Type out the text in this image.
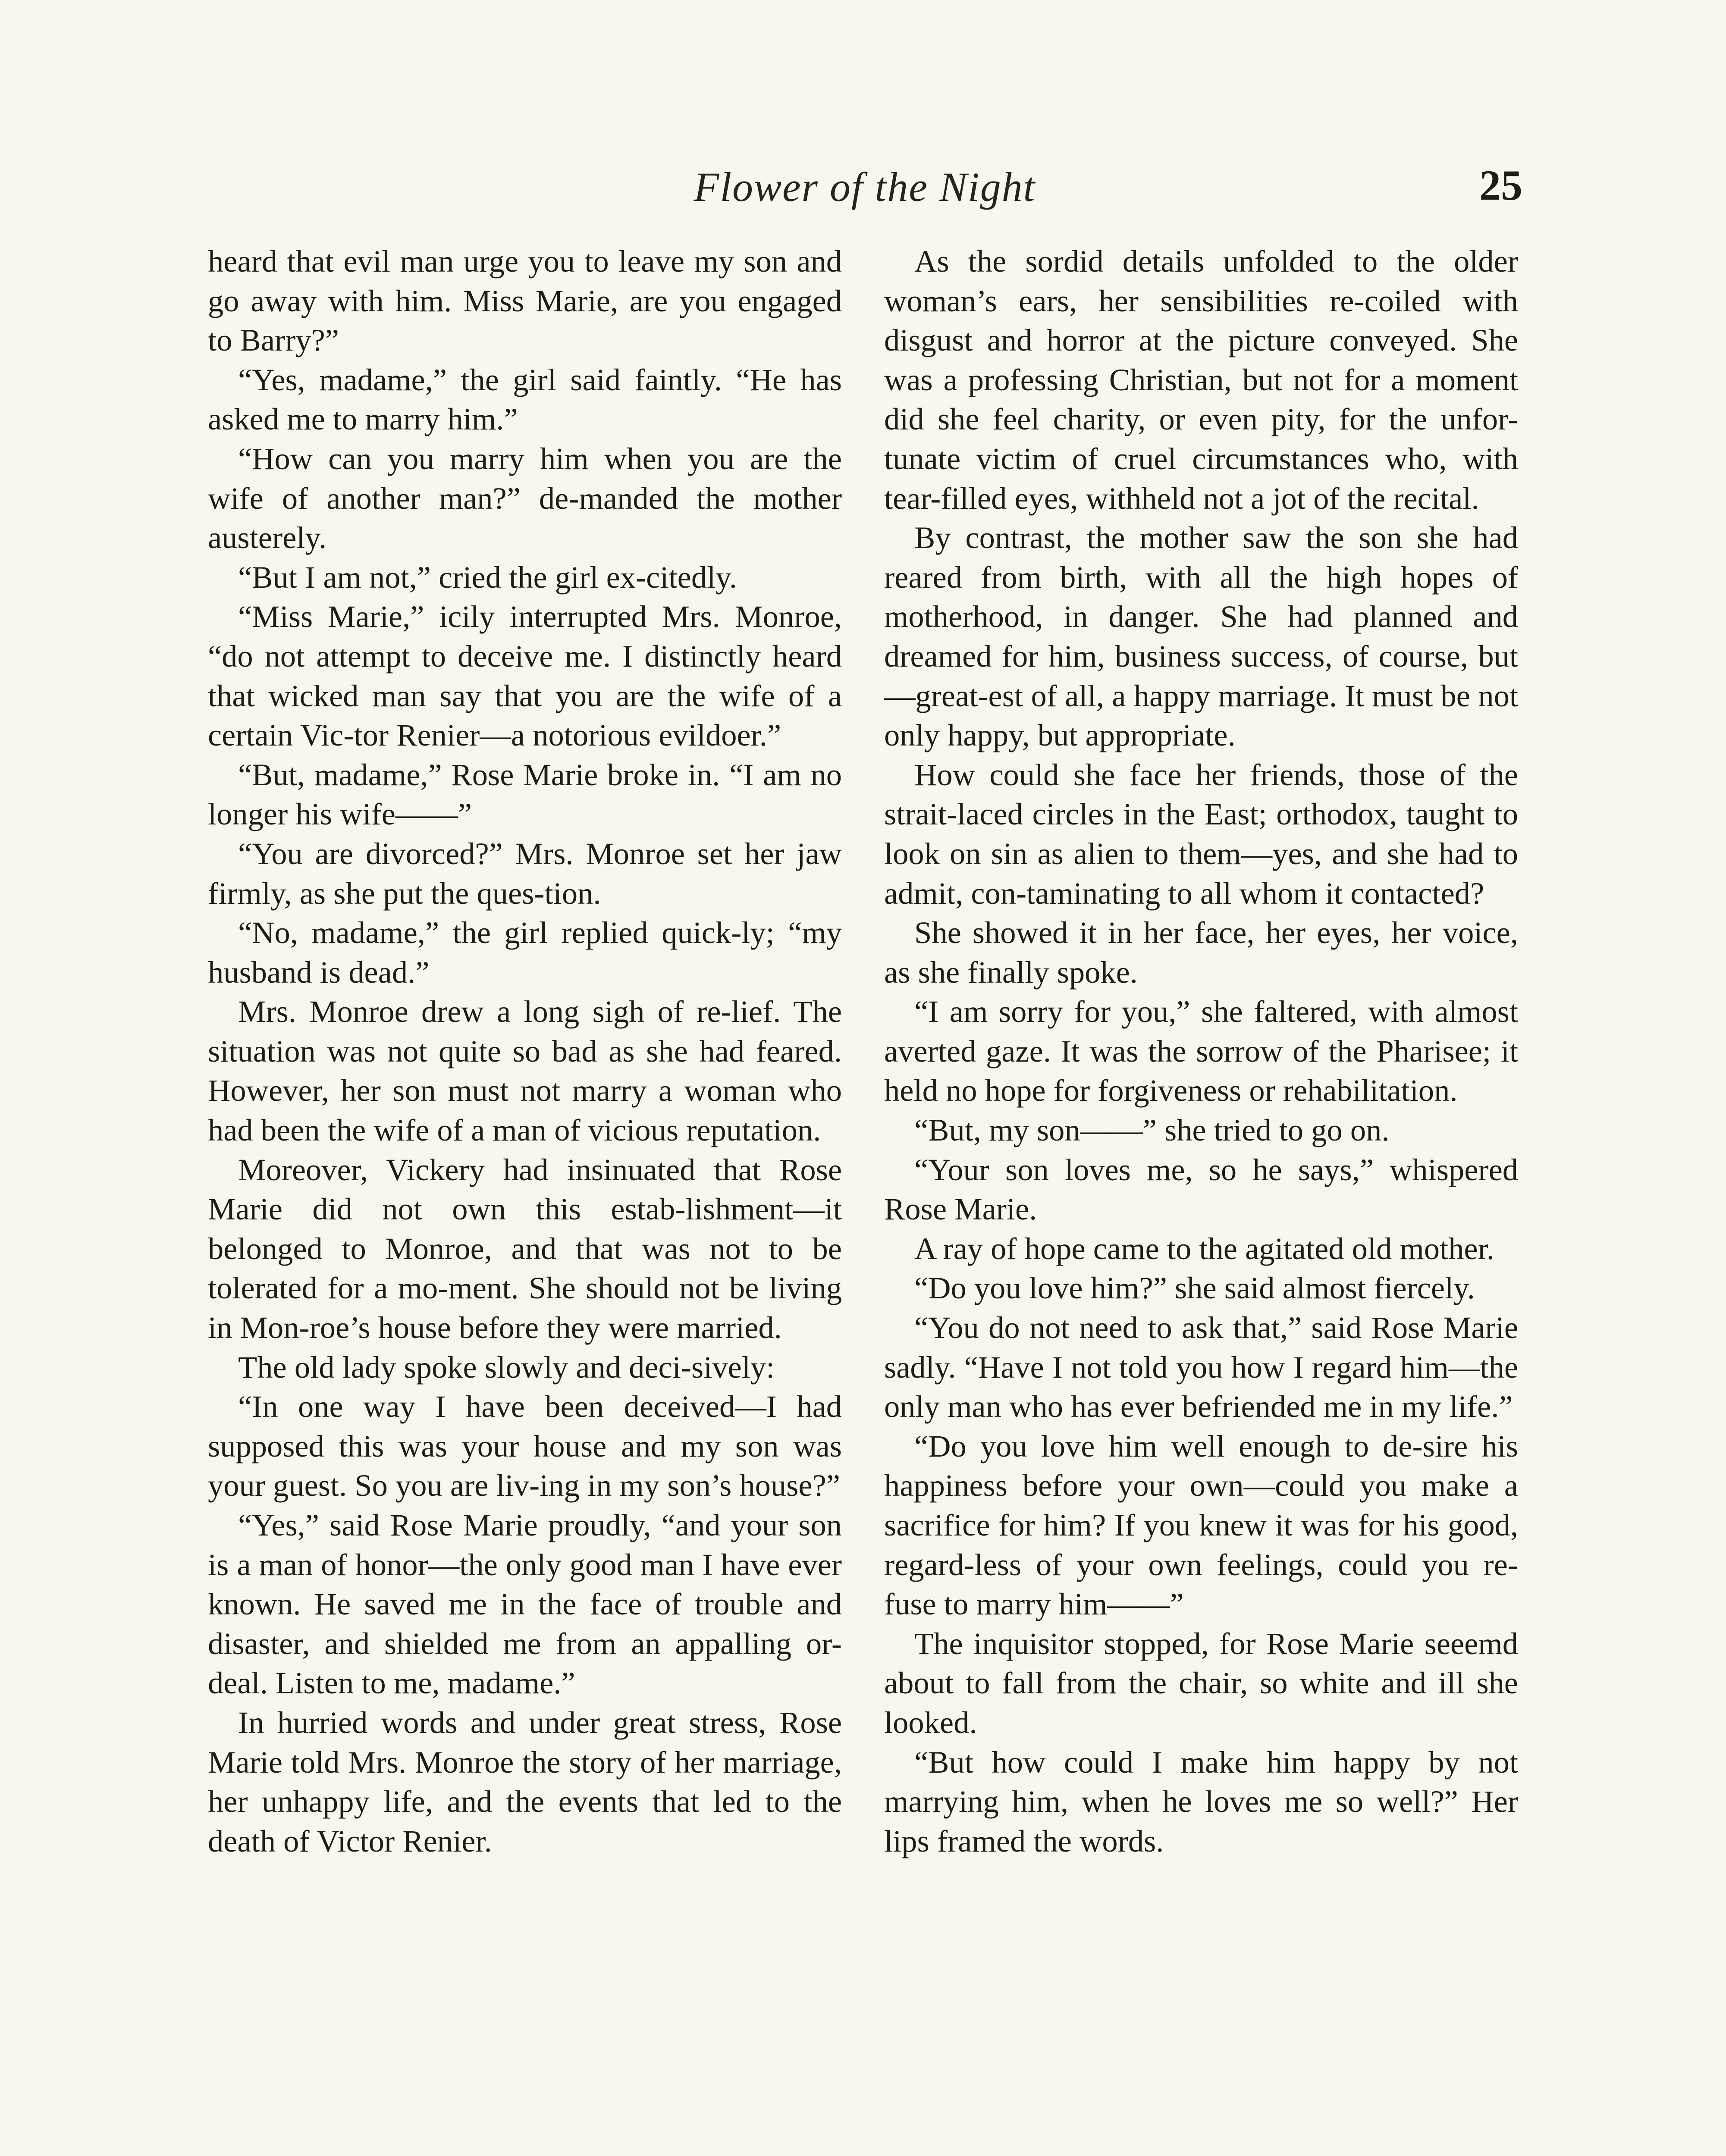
Flower of the Night	25

heard that evil man urge you to leave my son and go away with him. Miss Marie, are you engaged to Barry?”

“Yes, madame,” the girl said faintly. “He has asked me to marry him.”

“How can you marry him when you are the wife of another man?” de-manded the mother austerely.

“But I am not,” cried the girl ex-citedly.

“Miss Marie,” icily interrupted Mrs. Monroe, “do not attempt to deceive me. I distinctly heard that wicked man say that you are the wife of a certain Vic-tor Renier—a notorious evildoer.”

“But, madame,” Rose Marie broke in. “I am no longer his wife——”

“You are divorced?” Mrs. Monroe set her jaw firmly, as she put the ques-tion.

“No, madame,” the girl replied quick-ly; “my husband is dead.”

Mrs. Monroe drew a long sigh of re-lief. The situation was not quite so bad as she had feared. However, her son must not marry a woman who had been the wife of a man of vicious reputation.

Moreover, Vickery had insinuated that Rose Marie did not own this estab-lishment—it belonged to Monroe, and that was not to be tolerated for a mo-ment. She should not be living in Mon-roe’s house before they were married.

The old lady spoke slowly and deci-sively:

“In one way I have been deceived—I had supposed this was your house and my son was your guest. So you are liv-ing in my son’s house?”

“Yes,” said Rose Marie proudly, “and your son is a man of honor—the only good man I have ever known. He saved me in the face of trouble and disaster, and shielded me from an appalling or-deal. Listen to me, madame.”

In hurried words and under great stress, Rose Marie told Mrs. Monroe the story of her marriage, her unhappy life, and the events that led to the death of Victor Renier.

As the sordid details unfolded to the older woman’s ears, her sensibilities re-coiled with disgust and horror at the picture conveyed. She was a professing Christian, but not for a moment did she feel charity, or even pity, for the unfor-tunate victim of cruel circumstances who, with tear-filled eyes, withheld not a jot of the recital.

By contrast, the mother saw the son she had reared from birth, with all the high hopes of motherhood, in danger. She had planned and dreamed for him, business success, of course, but—great-est of all, a happy marriage. It must be not only happy, but appropriate.

How could she face her friends, those of the strait-laced circles in the East; orthodox, taught to look on sin as alien to them—yes, and she had to admit, con-taminating to all whom it contacted?

She showed it in her face, her eyes, her voice, as she finally spoke.

“I am sorry for you,” she faltered, with almost averted gaze. It was the sorrow of the Pharisee; it held no hope for forgiveness or rehabilitation.

“But, my son——” she tried to go on.

“Your son loves me, so he says,” whispered Rose Marie.

A ray of hope came to the agitated old mother.

“Do you love him?” she said almost fiercely.

“You do not need to ask that,” said Rose Marie sadly. “Have I not told you how I regard him—the only man who has ever befriended me in my life.”

“Do you love him well enough to de-sire his happiness before your own—could you make a sacrifice for him? If you knew it was for his good, regard-less of your own feelings, could you re-fuse to marry him——”

The inquisitor stopped, for Rose Marie seeemd about to fall from the chair, so white and ill she looked.

“But how could I make him happy by not marrying him, when he loves me so well?” Her lips framed the words.
